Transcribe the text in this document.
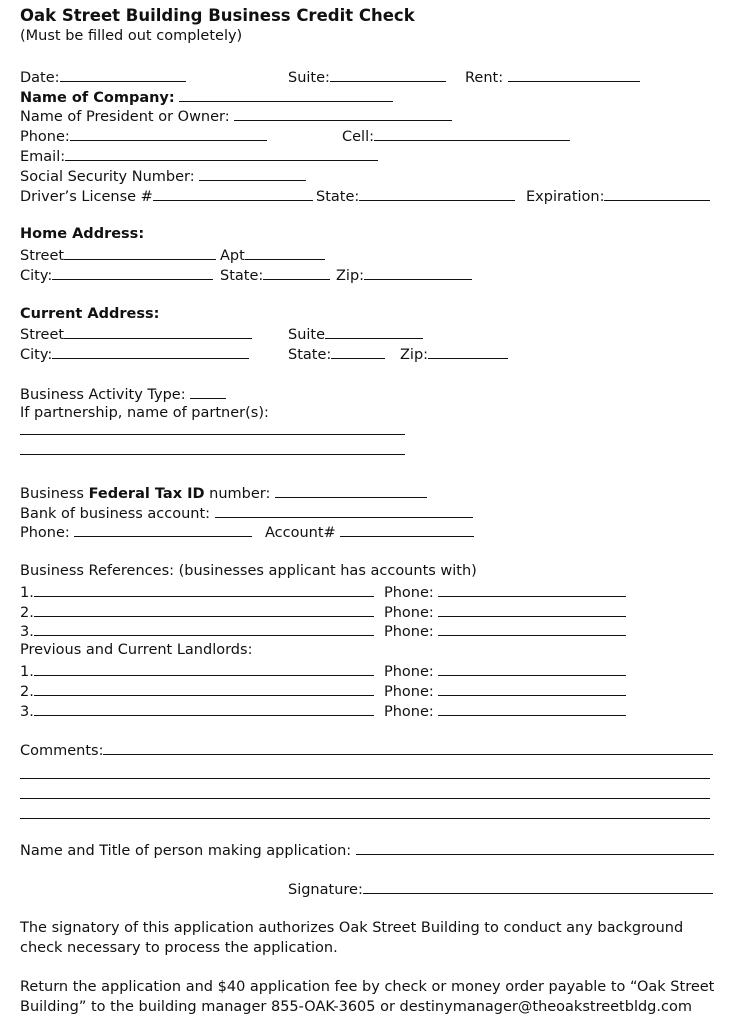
Oak Street Building Business Credit Check
(Must be filled out completely)
Date:	Suite:	Rent:
Name of Company:
Name of President or Owner:
Phone:	Cell:
Email:
Social Security Number:
Driver’s License #	State:	Expiration:
Home Address:
Street	Apt
City:	State:	Zip:
Current Address:
Street	Suite
City:	State:	Zip:
Business Activity Type:
If partnership, name of partner(s):
Business Federal Tax ID number:
Bank of business account:
Phone:	Account#
Business References: (businesses applicant has accounts with)
1.	Phone:
2.	Phone:
3.	Phone:
Previous and Current Landlords:
1.	Phone:
2.	Phone:
3.	Phone:
Comments:
Name and Title of person making application:
Signature:
The signatory of this application authorizes Oak Street Building to conduct any background check necessary to process the application.
Return the application and $40 application fee by check or money order payable to “Oak Street Building” to the building manager 855-OAK-3605 or destinymanager@theoakstreetbldg.com
